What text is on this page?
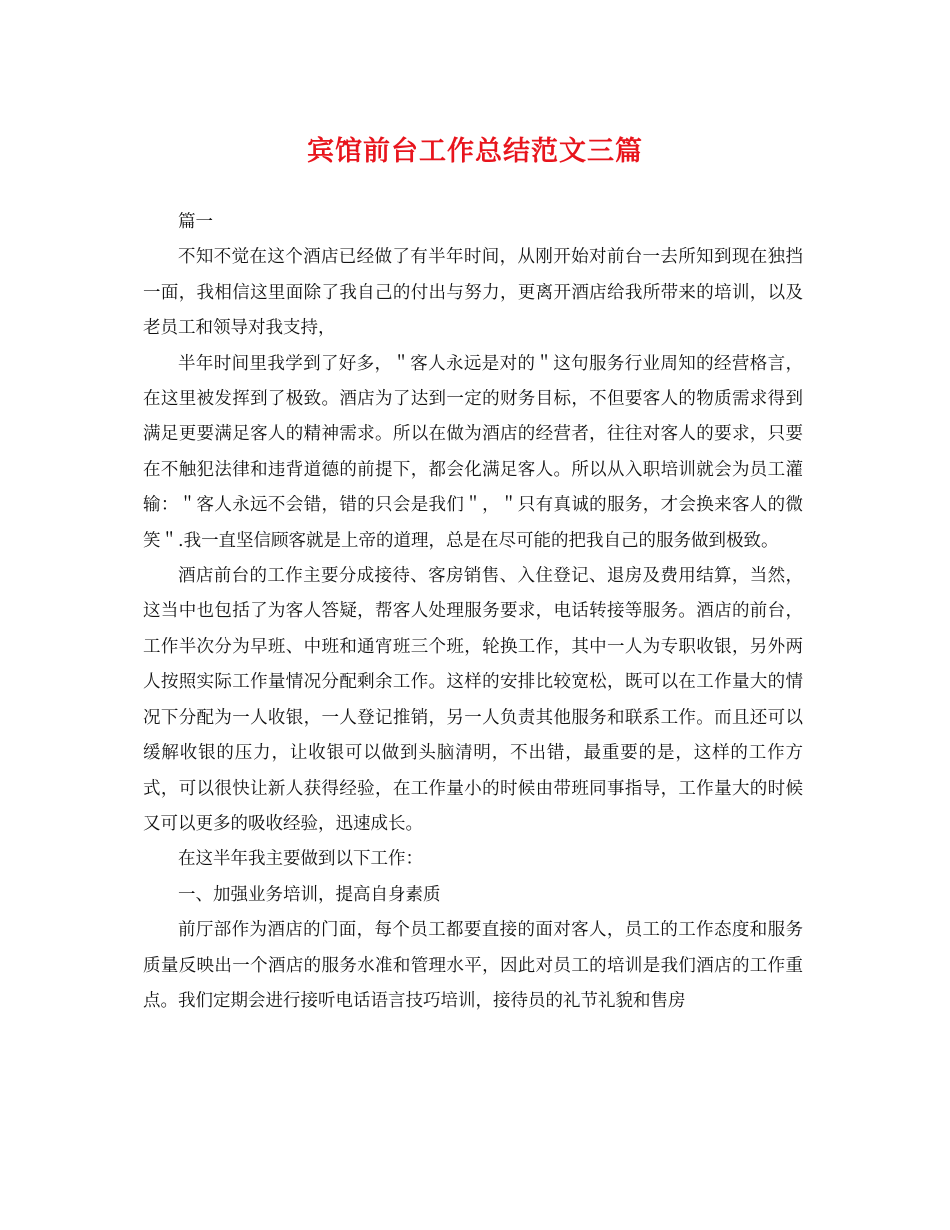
宾馆前台工作总结范文三篇

篇一

不知不觉在这个酒店已经做了有半年时间，从刚开始对前台一去所知到现在独挡一面，我相信这里面除了我自己的付出与努力，更离开酒店给我所带来的培训，以及老员工和领导对我支持，

半年时间里我学到了好多，＂客人永远是对的＂这句服务行业周知的经营格言，在这里被发挥到了极致。酒店为了达到一定的财务目标，不但要客人的物质需求得到满足更要满足客人的精神需求。所以在做为酒店的经营者，往往对客人的要求，只要在不触犯法律和违背道德的前提下，都会化满足客人。所以从入职培训就会为员工灌输：＂客人永远不会错，错的只会是我们＂，＂只有真诚的服务，才会换来客人的微笑＂.我一直坚信顾客就是上帝的道理，总是在尽可能的把我自己的服务做到极致。

酒店前台的工作主要分成接待、客房销售、入住登记、退房及费用结算，当然，这当中也包括了为客人答疑，帮客人处理服务要求，电话转接等服务。酒店的前台，工作半次分为早班、中班和通宵班三个班，轮换工作，其中一人为专职收银，另外两人按照实际工作量情况分配剩余工作。这样的安排比较宽松，既可以在工作量大的情况下分配为一人收银，一人登记推销，另一人负责其他服务和联系工作。而且还可以缓解收银的压力，让收银可以做到头脑清明，不出错，最重要的是，这样的工作方式，可以很快让新人获得经验，在工作量小的时候由带班同事指导，工作量大的时候又可以更多的吸收经验，迅速成长。

在这半年我主要做到以下工作：

一、加强业务培训，提高自身素质

前厅部作为酒店的门面，每个员工都要直接的面对客人，员工的工作态度和服务质量反映出一个酒店的服务水准和管理水平，因此对员工的培训是我们酒店的工作重点。我们定期会进行接听电话语言技巧培训，接待员的礼节礼貌和售房
